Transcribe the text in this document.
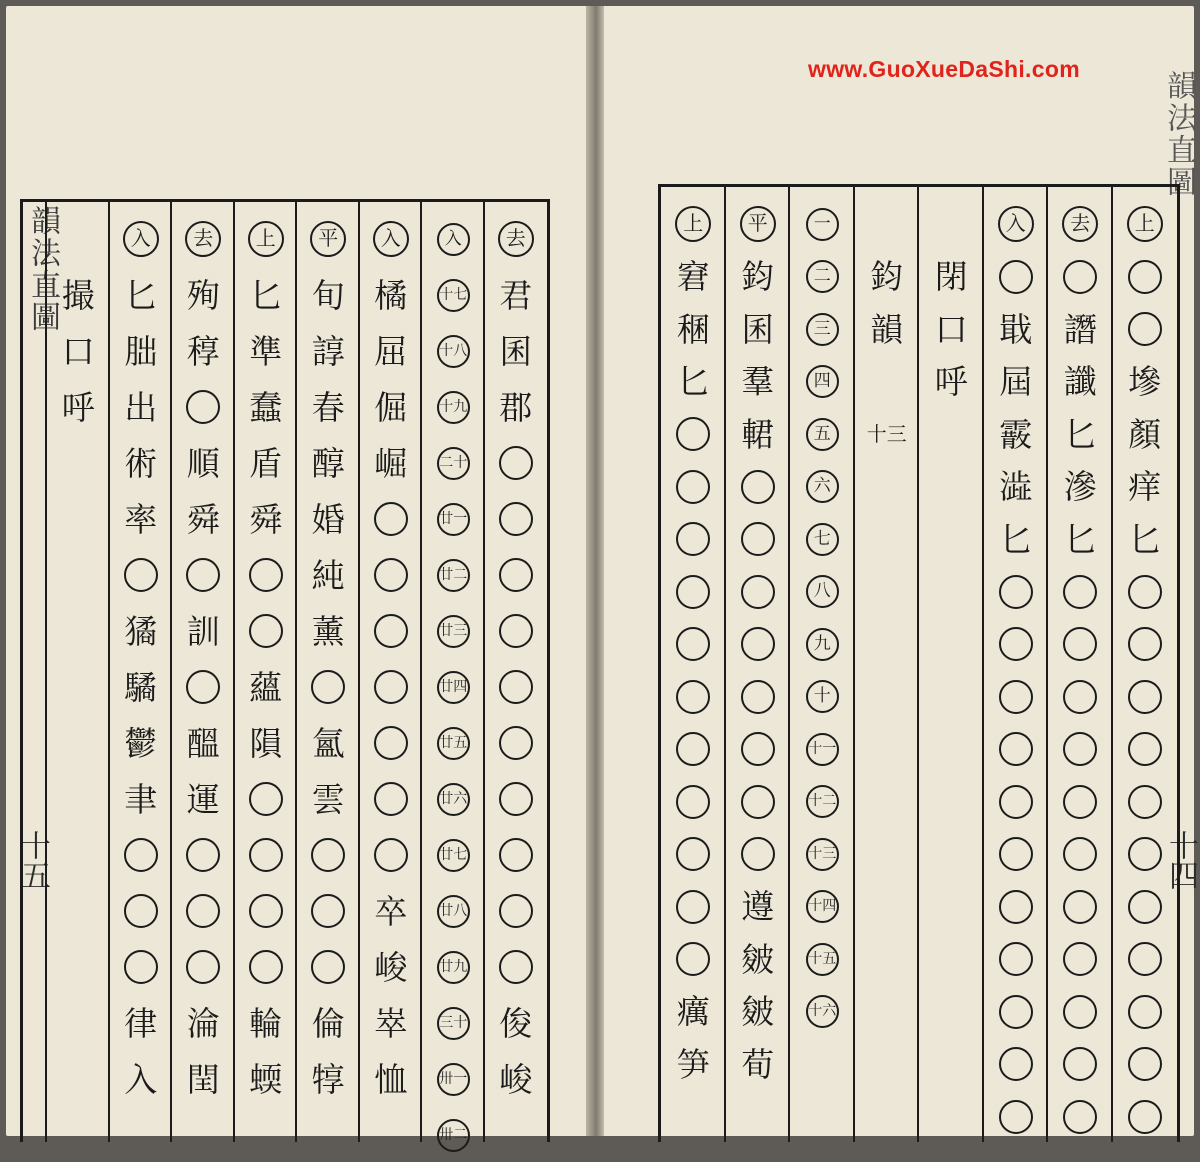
www.GuoXueDaShi.com
韻法直圖
十五
韻法直圖
十四
去
君
囷
郡
俊
峻
入
十七
十八
十九
二十
廿一
廿二
廿三
廿四
廿五
廿六
廿七
廿八
廿九
三十
卅一
卅二
入
橘
屈
倔
崛
卒
峻
崒
恤
平
旬
諄
春
醇
婚
純
薰
氳
雲
倫
犉
上
匕
準
蠢
盾
舜
蘊
隕
輪
蝡
去
殉
稕
順
舜
訓
醞
運
淪
閏
入
匕
朏
出
術
率
獝
驈
鬱
聿
律
入
撮
口
呼
上
墋
顏
痒
匕
去
譖
讖
匕
滲
匕
入
戢
屆
霰
澁
匕
閉
口
呼
鈞
韻
十三
一
二
三
四
五
六
七
八
九
十
十一
十二
十三
十四
十五
十六
平
鈞
囷
羣
輑
遵
皴
皴
荀
上
窘
稛
匕
癘
笋
